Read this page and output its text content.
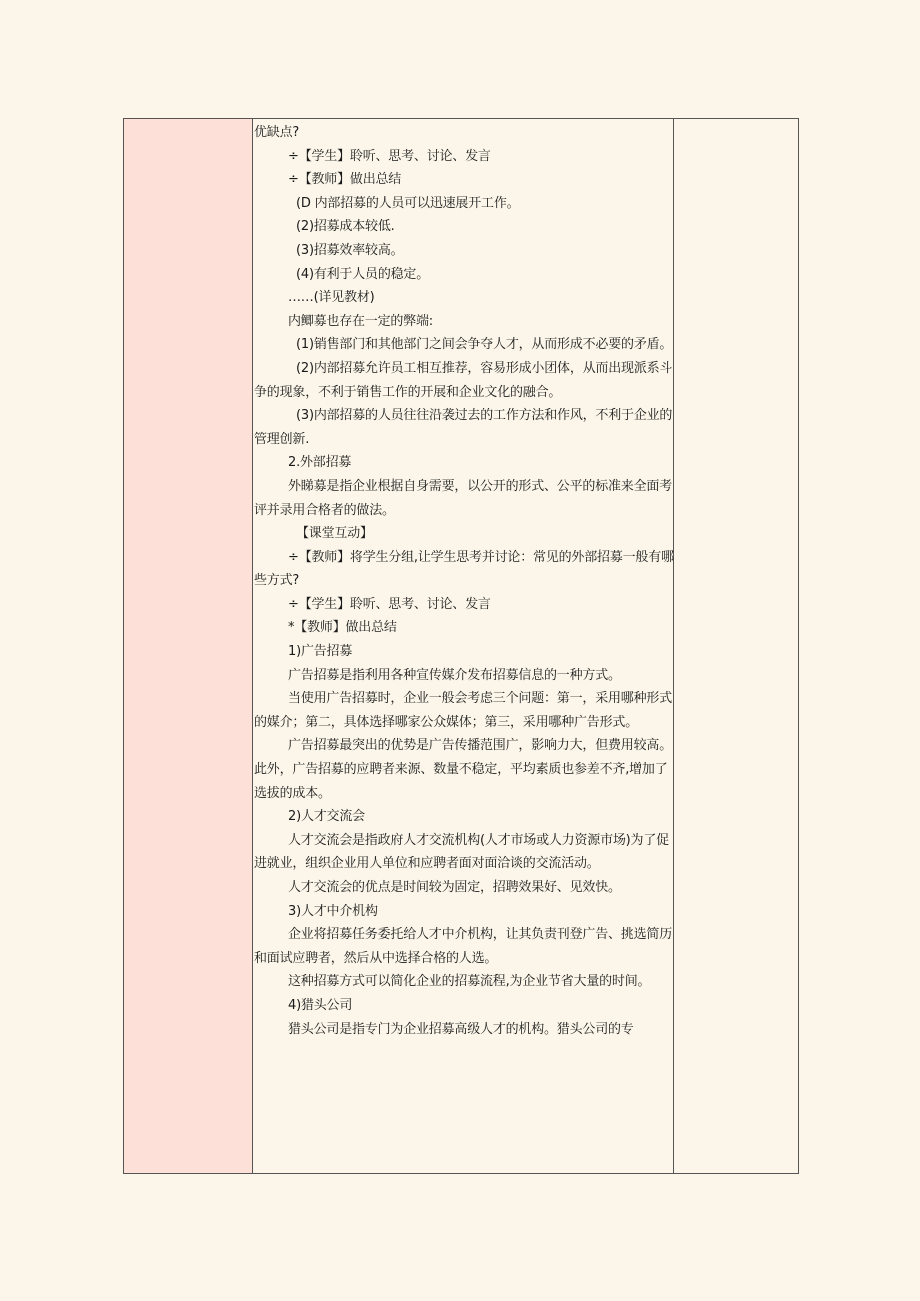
优缺点?

÷【学生】聆听、思考、讨论、发言

÷【教师】做出总结

(D 内部招募的人员可以迅速展开工作。

(2)招募成本较低.

(3)招募效率较高。

(4)有利于人员的稳定。

……(详见教材)

内鲫募也存在一定的弊端:

(1)销售部门和其他部门之间会争夺人才，从而形成不必要的矛盾。

(2)内部招募允许员工相互推荐，容易形成小团体，从而出现派系斗争的现象，不利于销售工作的开展和企业文化的融合。

(3)内部招募的人员往往沿袭过去的工作方法和作风，不利于企业的管理创新.

2.外部招募

外睇募是指企业根据自身需要，以公开的形式、公平的标准来全面考评并录用合格者的做法。

【课堂互动】

÷【教师】将学生分组,让学生思考并讨论：常见的外部招募一般有哪些方式?

÷【学生】聆听、思考、讨论、发言

*【教师】做出总结

1)广告招募

广告招募是指利用各种宣传媒介发布招募信息的一种方式。

当使用广告招募时，企业一般会考虑三个问题：第一，采用哪种形式的媒介；第二，具体选择哪家公众媒体；第三，采用哪种广告形式。

广告招募最突出的优势是广告传播范围广，影响力大，但费用较高。此外，广告招募的应聘者来源、数量不稳定，平均素质也参差不齐,增加了选拔的成本。

2)人才交流会

人才交流会是指政府人才交流机构(人才市场或人力资源市场)为了促进就业，组织企业用人单位和应聘者面对面洽谈的交流活动。

人才交流会的优点是时间较为固定，招聘效果好、见效快。

3)人才中介机构

企业将招募任务委托给人才中介机构，让其负责刊登广告、挑选简历和面试应聘者，然后从中选择合格的人选。

这种招募方式可以简化企业的招募流程,为企业节省大量的时间。

4)猎头公司

猎头公司是指专门为企业招募高级人才的机构。猎头公司的专
